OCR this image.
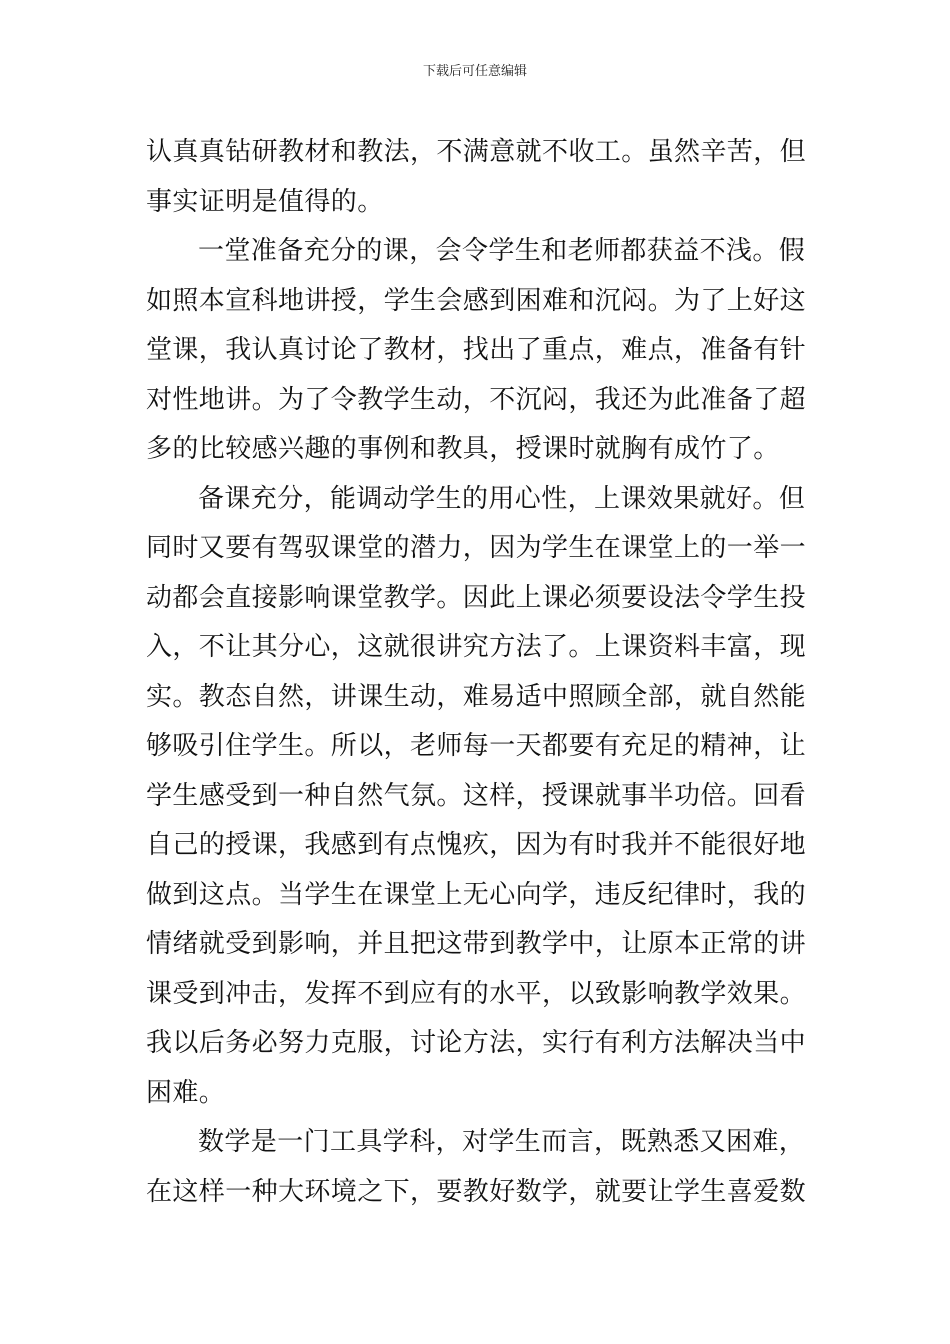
下载后可任意编辑
认真真钻研教材和教法，不满意就不收工。虽然辛苦，但
事实证明是值得的。
一堂准备充分的课，会令学生和老师都获益不浅。假
如照本宣科地讲授，学生会感到困难和沉闷。为了上好这
堂课，我认真讨论了教材，找出了重点，难点，准备有针
对性地讲。为了令教学生动，不沉闷，我还为此准备了超
多的比较感兴趣的事例和教具，授课时就胸有成竹了。
备课充分，能调动学生的用心性，上课效果就好。但
同时又要有驾驭课堂的潜力，因为学生在课堂上的一举一
动都会直接影响课堂教学。因此上课必须要设法令学生投
入，不让其分心，这就很讲究方法了。上课资料丰富，现
实。教态自然，讲课生动，难易适中照顾全部，就自然能
够吸引住学生。所以，老师每一天都要有充足的精神，让
学生感受到一种自然气氛。这样，授课就事半功倍。回看
自己的授课，我感到有点愧疚，因为有时我并不能很好地
做到这点。当学生在课堂上无心向学，违反纪律时，我的
情绪就受到影响，并且把这带到教学中，让原本正常的讲
课受到冲击，发挥不到应有的水平，以致影响教学效果。
我以后务必努力克服，讨论方法，实行有利方法解决当中
困难。
数学是一门工具学科，对学生而言，既熟悉又困难，
在这样一种大环境之下，要教好数学，就要让学生喜爱数
